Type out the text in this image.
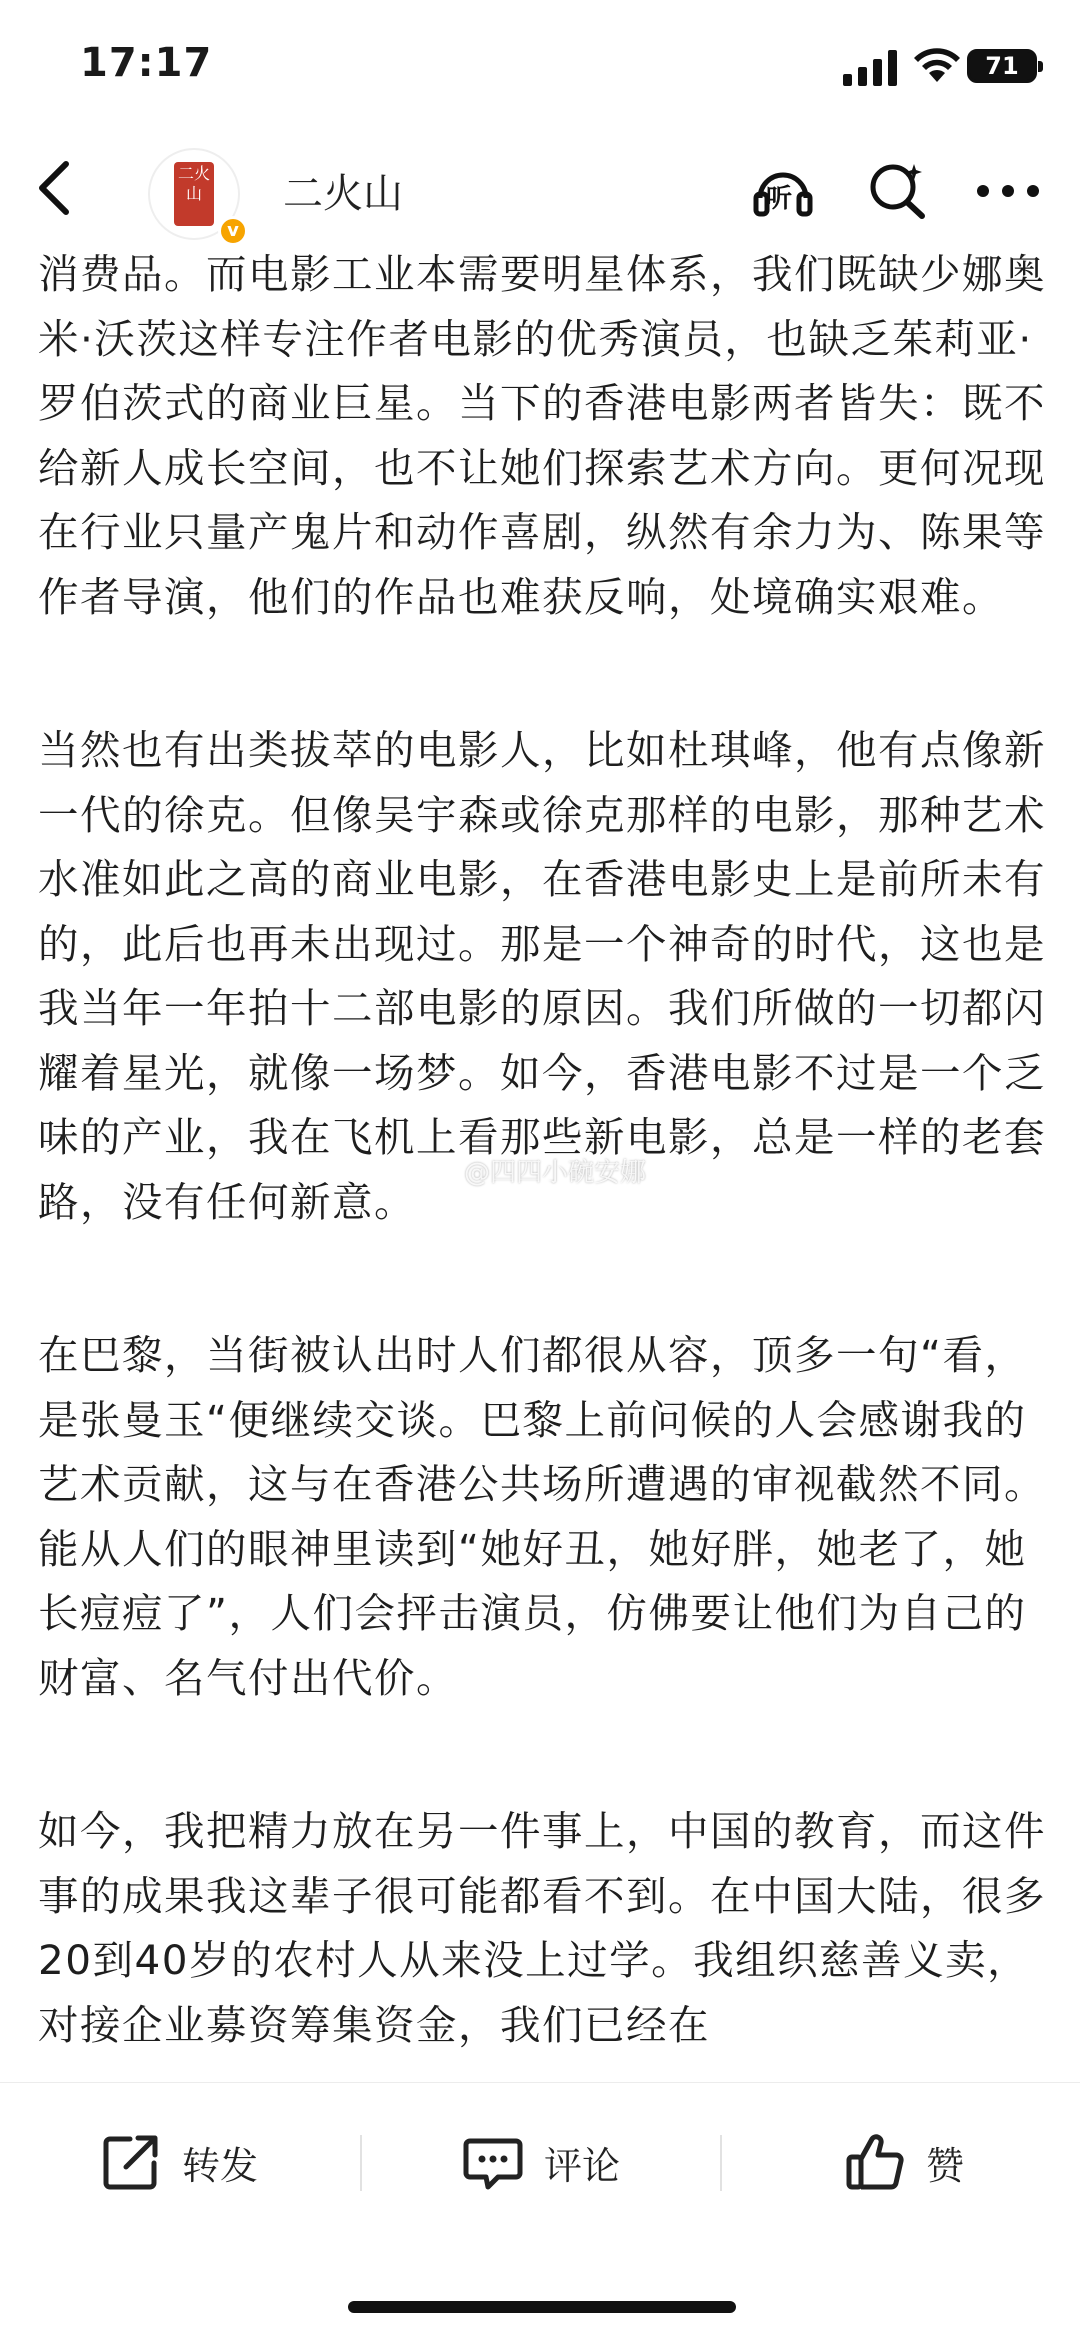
17:17	71
二火山
v
二火山	听

消费品。而电影工业本需要明星体系，我们既缺少娜奥米·沃茨这样专注作者电影的优秀演员，也缺乏茱莉亚·罗伯茨式的商业巨星。当下的香港电影两者皆失：既不给新人成长空间，也不让她们探索艺术方向。更何况现在行业只量产鬼片和动作喜剧，纵然有余力为、陈果等作者导演，他们的作品也难获反响，处境确实艰难。

当然也有出类拔萃的电影人，比如杜琪峰，他有点像新一代的徐克。但像吴宇森或徐克那样的电影，那种艺术水准如此之高的商业电影，在香港电影史上是前所未有的，此后也再未出现过。那是一个神奇的时代，这也是我当年一年拍十二部电影的原因。我们所做的一切都闪耀着星光，就像一场梦。如今，香港电影不过是一个乏味的产业，我在飞机上看那些新电影，总是一样的老套路，没有任何新意。

在巴黎，当街被认出时人们都很从容，顶多一句“看，是张曼玉“便继续交谈。巴黎上前问候的人会感谢我的艺术贡献，这与在香港公共场所遭遇的审视截然不同。能从人们的眼神里读到“她好丑，她好胖，她老了，她长痘痘了”，人们会抨击演员，仿佛要让他们为自己的财富、名气付出代价。

如今，我把精力放在另一件事上，中国的教育，而这件事的成果我这辈子很可能都看不到。在中国大陆，很多20到40岁的农村人从来没上过学。我组织慈善义卖，对接企业募资筹集资金，我们已经在

@四四小碗安娜
转发	评论	赞
